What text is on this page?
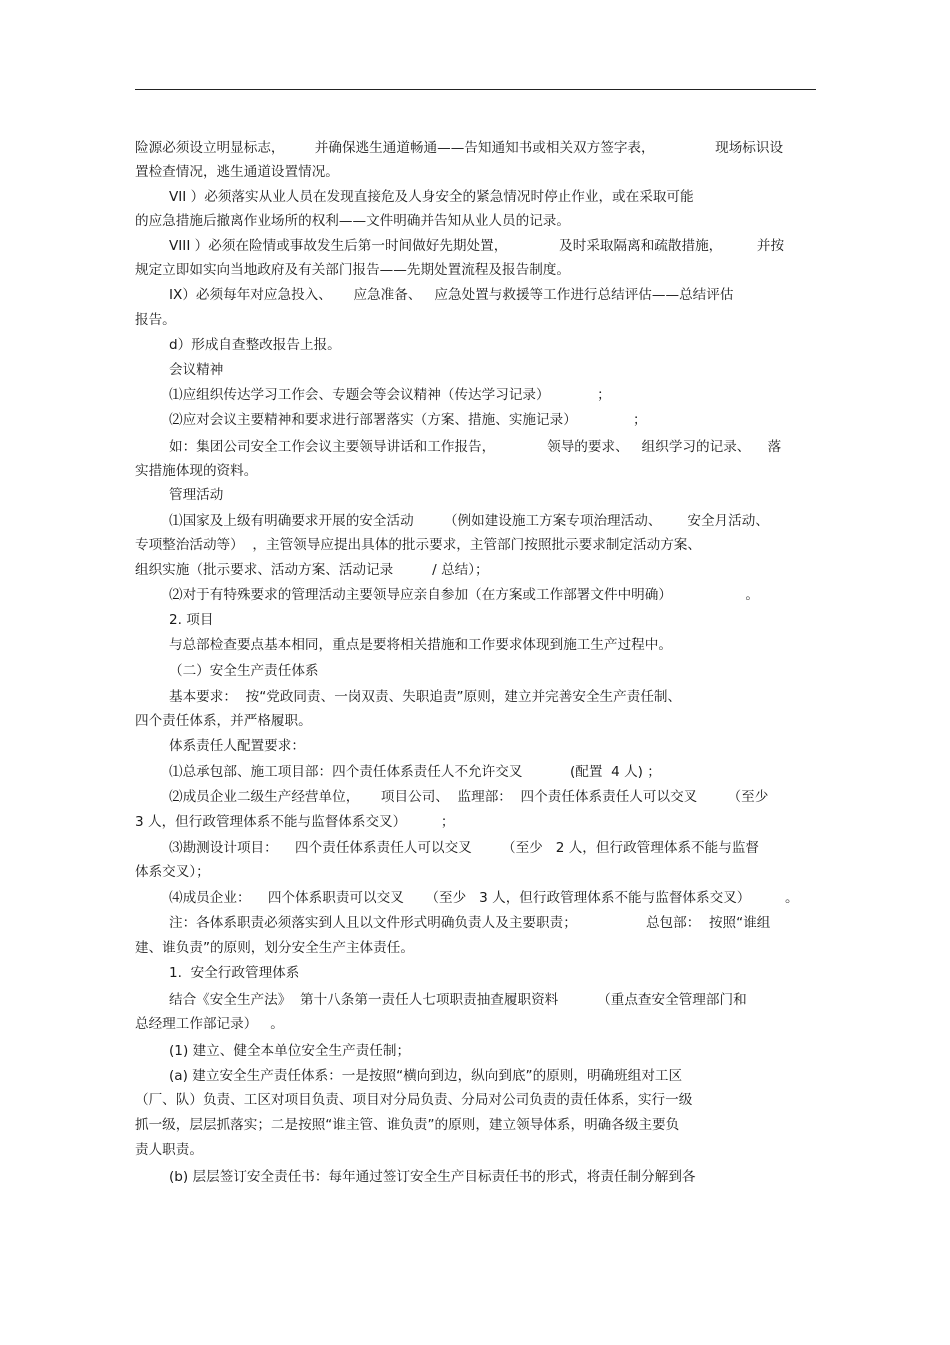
险源必须设立明显标志，       并确保逃生通道畅通——告知通知书或相关双方签字表，              现场标识设
置检查情况，逃生通道设置情况。
VII ）必须落实从业人员在发现直接危及人身安全的紧急情况时停止作业，或在采取可能
的应急措施后撤离作业场所的权利——文件明确并告知从业人员的记录。
VIII ）必须在险情或事故发生后第一时间做好先期处置，            及时采取隔离和疏散措施，        并按
规定立即如实向当地政府及有关部门报告——先期处置流程及报告制度。
IX）必须每年对应急投入、     应急准备、   应急处置与救援等工作进行总结评估——总结评估
报告。
d）形成自查整改报告上报。
会议精神
⑴应组织传达学习工作会、专题会等会议精神（传达学习记录）           ；
⑵应对会议主要精神和要求进行部署落实（方案、措施、实施记录）             ；
如：集团公司安全工作会议主要领导讲话和工作报告，            领导的要求、   组织学习的记录、    落
实措施体现的资料。
管理活动
⑴国家及上级有明确要求开展的安全活动       （例如建设施工方案专项治理活动、      安全月活动、
专项整治活动等）  ，主管领导应提出具体的批示要求，主管部门按照批示要求制定活动方案、
组织实施（批示要求、活动方案、活动记录         / 总结）；
⑵对于有特殊要求的管理活动主要领导应亲自参加（在方案或工作部署文件中明确）                 。
2. 项目
与总部检查要点基本相同，重点是要将相关措施和工作要求体现到施工生产过程中。
（二）安全生产责任体系
基本要求：  按“党政同责、一岗双责、失职追责”原则，建立并完善安全生产责任制、
四个责任体系，并严格履职。
体系责任人配置要求：
⑴总承包部、施工项目部：四个责任体系责任人不允许交叉           (配置  4 人) ；
⑵成员企业二级生产经营单位，     项目公司、  监理部：  四个责任体系责任人可以交叉       （至少
3 人，但行政管理体系不能与监督体系交叉）        ；
⑶勘测设计项目：    四个责任体系责任人可以交叉       （至少   2 人，但行政管理体系不能与监督
体系交叉）；
⑷成员企业：    四个体系职责可以交叉     （至少   3 人，但行政管理体系不能与监督体系交叉）        。
注：各体系职责必须落实到人且以文件形式明确负责人及主要职责；                总包部：  按照“谁组
建、谁负责”的原则，划分安全生产主体责任。
1.  安全行政管理体系
结合《安全生产法》  第十八条第一责任人七项职责抽查履职资料         （重点查安全管理部门和
总经理工作部记录）   。
(1) 建立、健全本单位安全生产责任制；
(a) 建立安全生产责任体系：一是按照“横向到边，纵向到底”的原则，明确班组对工区
（厂、队）负责、工区对项目负责、项目对分局负责、分局对公司负责的责任体系，实行一级
抓一级，层层抓落实；二是按照“谁主管、谁负责”的原则，建立领导体系，明确各级主要负
责人职责。
(b) 层层签订安全责任书：每年通过签订安全生产目标责任书的形式，将责任制分解到各
